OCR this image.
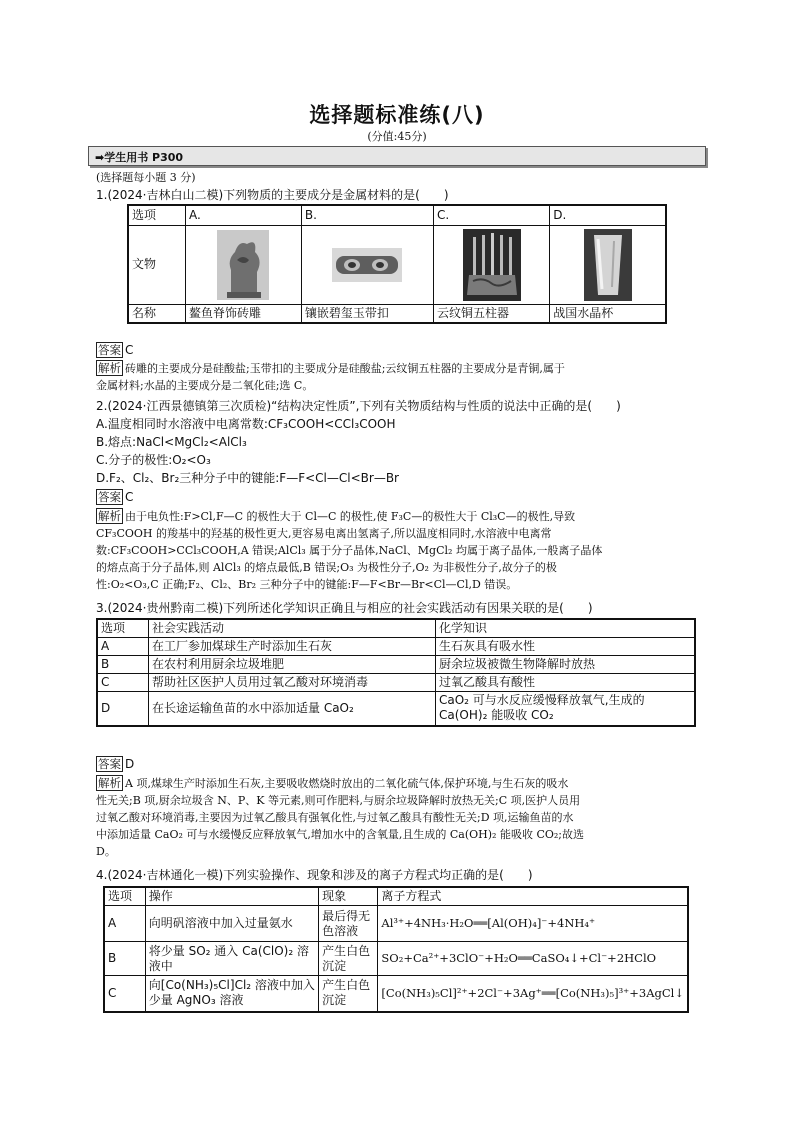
选择题标准练(八)
(分值:45分)
➡学生用书 P300
(选择题每小题 3 分)
1.(2024·吉林白山二模)下列物质的主要成分是金属材料的是(　　)
选项	A.	B.	C.	D.
文物	

名称	鳌鱼脊饰砖雕	镶嵌碧玺玉带扣	云纹铜五柱器	战国水晶杯
答案 C
解析 砖雕的主要成分是硅酸盐;玉带扣的主要成分是硅酸盐;云纹铜五柱器的主要成分是青铜,属于
金属材料;水晶的主要成分是二氧化硅;选 C。
2.(2024·江西景德镇第三次质检)“结构决定性质”,下列有关物质结构与性质的说法中正确的是(　　)
A.温度相同时水溶液中电离常数:CF₃COOH<CCl₃COOH
B.熔点:NaCl<MgCl₂<AlCl₃
C.分子的极性:O₂<O₃
D.F₂、Cl₂、Br₂三种分子中的键能:F—F<Cl—Cl<Br—Br
答案 C
解析 由于电负性:F>Cl,F—C 的极性大于 Cl—C 的极性,使 F₃C—的极性大于 Cl₃C—的极性,导致
CF₃COOH 的羧基中的羟基的极性更大,更容易电离出氢离子,所以温度相同时,水溶液中电离常
数:CF₃COOH>CCl₃COOH,A 错误;AlCl₃ 属于分子晶体,NaCl、MgCl₂ 均属于离子晶体,一般离子晶体
的熔点高于分子晶体,则 AlCl₃ 的熔点最低,B 错误;O₃ 为极性分子,O₂ 为非极性分子,故分子的极
性:O₂<O₃,C 正确;F₂、Cl₂、Br₂ 三种分子中的键能:F—F<Br—Br<Cl—Cl,D 错误。
3.(2024·贵州黔南二模)下列所述化学知识正确且与相应的社会实践活动有因果关联的是(　　)
选项	社会实践活动	化学知识
A	在工厂参加煤球生产时添加生石灰	生石灰具有吸水性
B	在农村利用厨余垃圾堆肥	厨余垃圾被微生物降解时放热
C	帮助社区医护人员用过氧乙酸对环境消毒	过氧乙酸具有酸性
D	在长途运输鱼苗的水中添加适量 CaO₂	CaO₂ 可与水反应缓慢释放氧气,生成的 Ca(OH)₂ 能吸收 CO₂
答案 D
解析 A 项,煤球生产时添加生石灰,主要吸收燃烧时放出的二氧化硫气体,保护环境,与生石灰的吸水
性无关;B 项,厨余垃圾含 N、P、K 等元素,则可作肥料,与厨余垃圾降解时放热无关;C 项,医护人员用
过氧乙酸对环境消毒,主要因为过氧乙酸具有强氧化性,与过氧乙酸具有酸性无关;D 项,运输鱼苗的水
中添加适量 CaO₂ 可与水缓慢反应释放氧气,增加水中的含氧量,且生成的 Ca(OH)₂ 能吸收 CO₂;故选
D。
4.(2024·吉林通化一模)下列实验操作、现象和涉及的离子方程式均正确的是(　　)
选项	操作	现象	离子方程式
A	向明矾溶液中加入过量氨水	最后得无色溶液	Al³⁺+4NH₃·H₂O══[Al(OH)₄]⁻+4NH₄⁺
B	将少量 SO₂ 通入 Ca(ClO)₂ 溶液中	产生白色沉淀	SO₂+Ca²⁺+3ClO⁻+H₂O══CaSO₄↓+Cl⁻+2HClO
C	向[Co(NH₃)₅Cl]Cl₂ 溶液中加入少量 AgNO₃ 溶液	产生白色沉淀	[Co(NH₃)₅Cl]²⁺+2Cl⁻+3Ag⁺══[Co(NH₃)₅]³⁺+3AgCl↓
